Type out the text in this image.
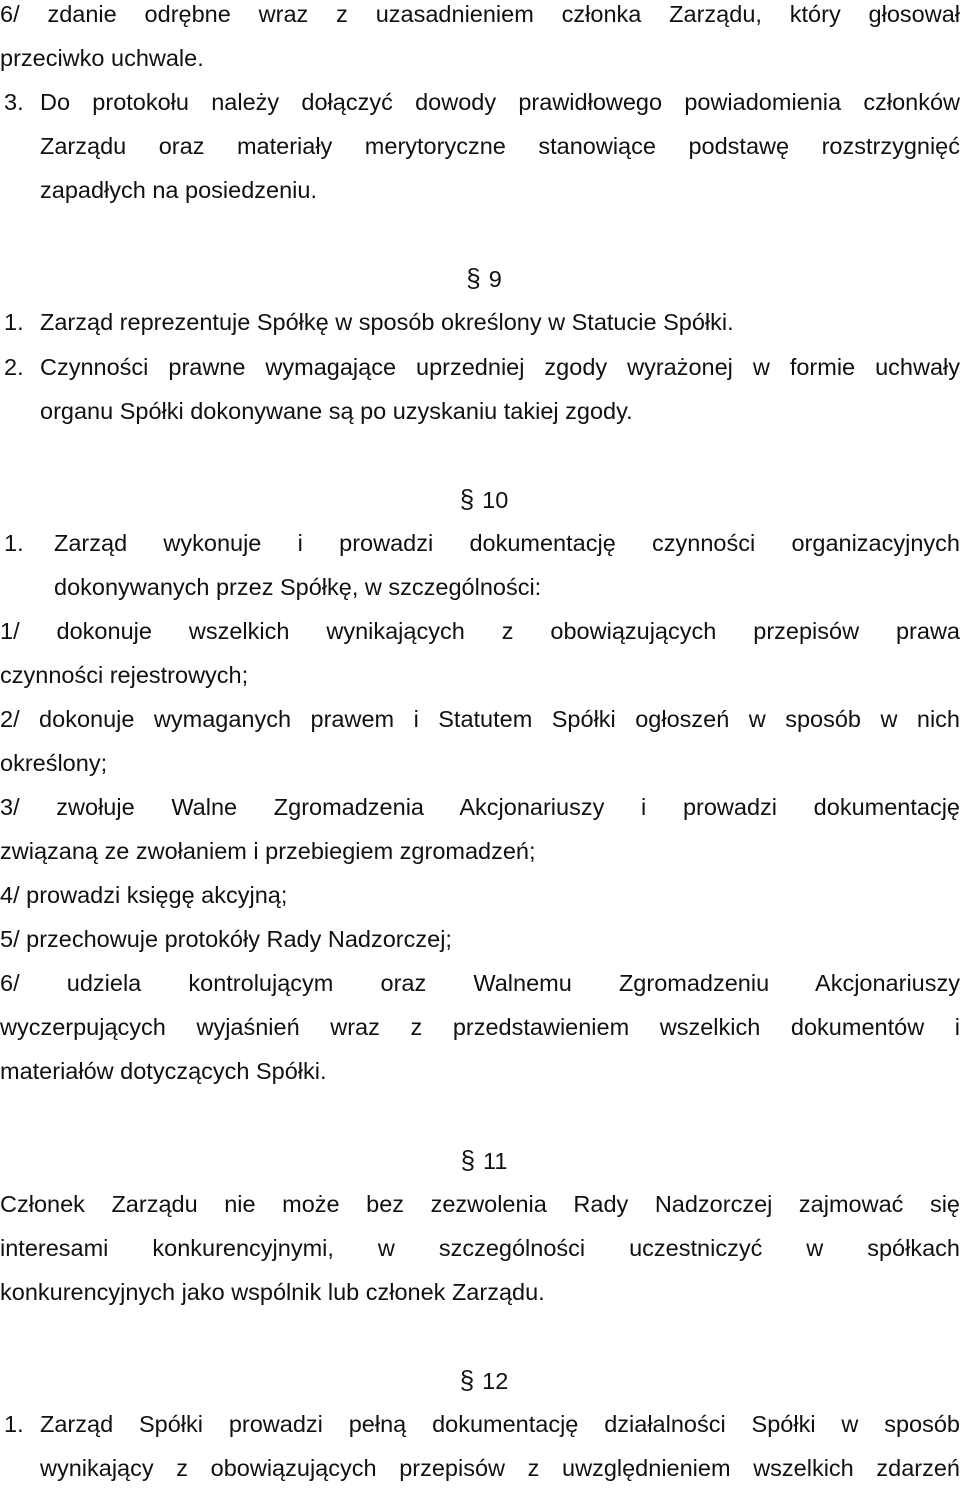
6/ zdanie odrębne wraz z uzasadnieniem członka Zarządu, który głosował
przeciwko uchwale.
3. Do protokołu należy dołączyć dowody prawidłowego powiadomienia członków
Zarządu oraz materiały merytoryczne stanowiące podstawę rozstrzygnięć
zapadłych na posiedzeniu.
§ 9
1. Zarząd reprezentuje Spółkę w sposób określony w Statucie Spółki.
2. Czynności prawne wymagające uprzedniej zgody wyrażonej w formie uchwały
organu Spółki dokonywane są po uzyskaniu takiej zgody.
§ 10
1.	Zarząd wykonuje i prowadzi dokumentację czynności organizacyjnych
dokonywanych przez Spółkę, w szczególności:
1/ dokonuje wszelkich wynikających z obowiązujących przepisów prawa
czynności rejestrowych;
2/ dokonuje wymaganych prawem i Statutem Spółki ogłoszeń w sposób w nich
określony;
3/ zwołuje Walne Zgromadzenia Akcjonariuszy i prowadzi dokumentację
związaną ze zwołaniem i przebiegiem zgromadzeń;
4/ prowadzi księgę akcyjną;
5/ przechowuje protokóły Rady Nadzorczej;
6/ udziela kontrolującym oraz Walnemu Zgromadzeniu Akcjonariuszy
wyczerpujących wyjaśnień wraz z przedstawieniem wszelkich dokumentów i
materiałów dotyczących Spółki.
§ 11
Członek Zarządu nie może bez zezwolenia Rady Nadzorczej zajmować się
interesami konkurencyjnymi, w szczególności uczestniczyć w spółkach
konkurencyjnych jako wspólnik lub członek Zarządu.
§ 12
1. Zarząd Spółki prowadzi pełną dokumentację działalności Spółki w sposób
wynikający z obowiązujących przepisów z uwzględnieniem wszelkich zdarzeń
